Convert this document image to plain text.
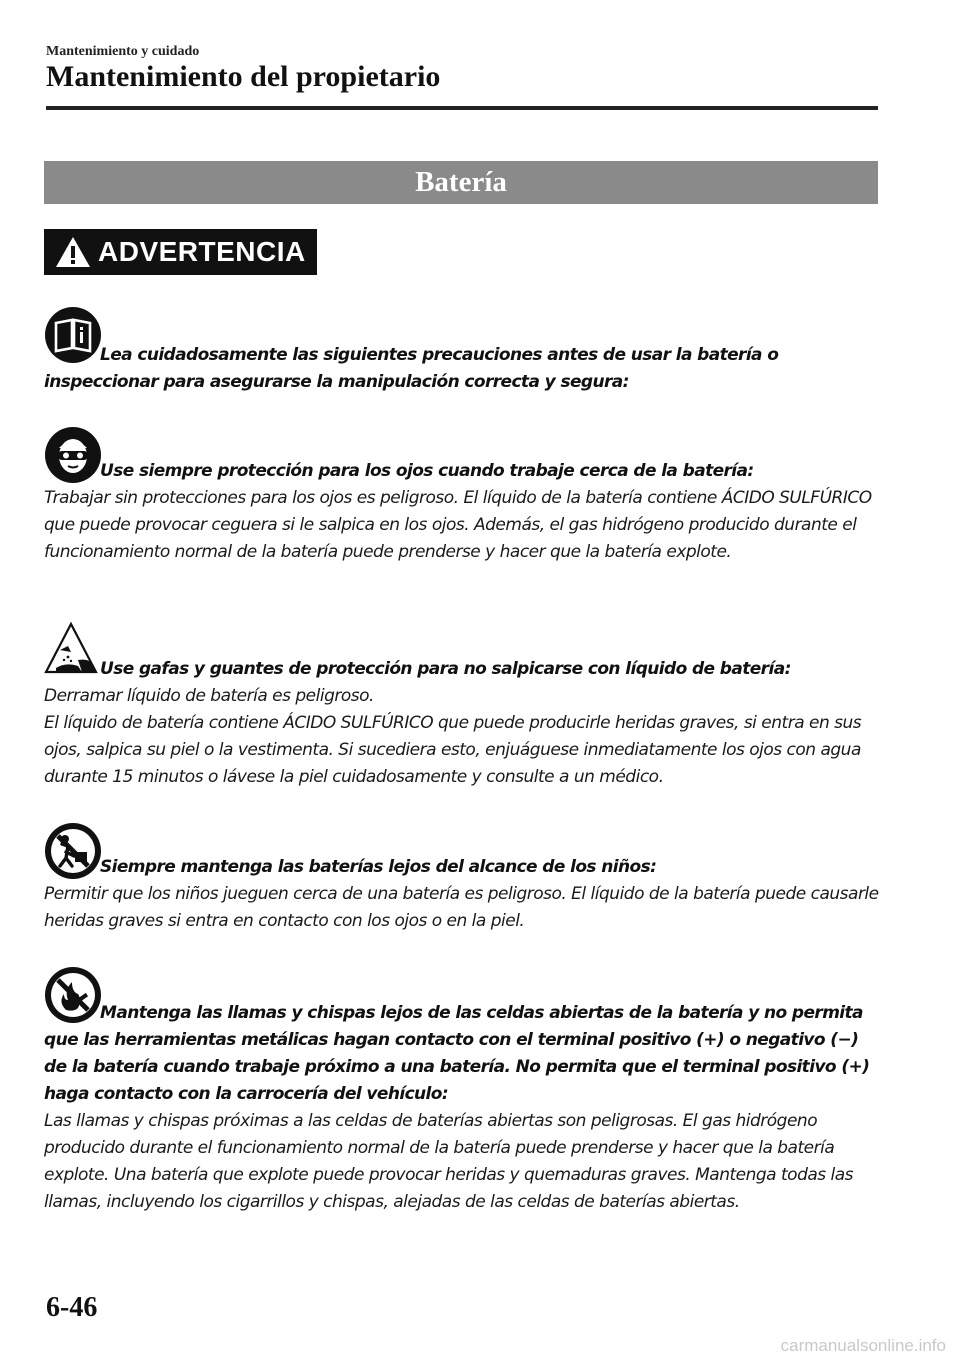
Mantenimiento y cuidado
Mantenimiento del propietario
Batería
ADVERTENCIA
Lea cuidadosamente las siguientes precauciones antes de usar la batería o
inspeccionar para asegurarse la manipulación correcta y segura:
Use siempre protección para los ojos cuando trabaje cerca de la batería:
Trabajar sin protecciones para los ojos es peligroso. El líquido de la batería contiene ÁCIDO SULFÚRICO que puede provocar ceguera si le salpica en los ojos. Además, el gas hidrógeno producido durante el funcionamiento normal de la batería puede prenderse y hacer que la batería explote.
Use gafas y guantes de protección para no salpicarse con líquido de batería:
Derramar líquido de batería es peligroso.
El líquido de batería contiene ÁCIDO SULFÚRICO que puede producirle heridas graves, si entra en sus ojos, salpica su piel o la vestimenta. Si sucediera esto, enjuáguese inmediatamente los ojos con agua durante 15 minutos o lávese la piel cuidadosamente y consulte a un médico.
Siempre mantenga las baterías lejos del alcance de los niños:
Permitir que los niños jueguen cerca de una batería es peligroso. El líquido de la batería puede causarle heridas graves si entra en contacto con los ojos o en la piel.
Mantenga las llamas y chispas lejos de las celdas abiertas de la batería y no permita
que las herramientas metálicas hagan contacto con el terminal positivo (+) o negativo (−) de la batería cuando trabaje próximo a una batería. No permita que el terminal positivo (+) haga contacto con la carrocería del vehículo:
Las llamas y chispas próximas a las celdas de baterías abiertas son peligrosas. El gas hidrógeno producido durante el funcionamiento normal de la batería puede prenderse y hacer que la batería explote. Una batería que explote puede provocar heridas y quemaduras graves. Mantenga todas las llamas, incluyendo los cigarrillos y chispas, alejadas de las celdas de baterías abiertas.
6-46
carmanualsonline.info
